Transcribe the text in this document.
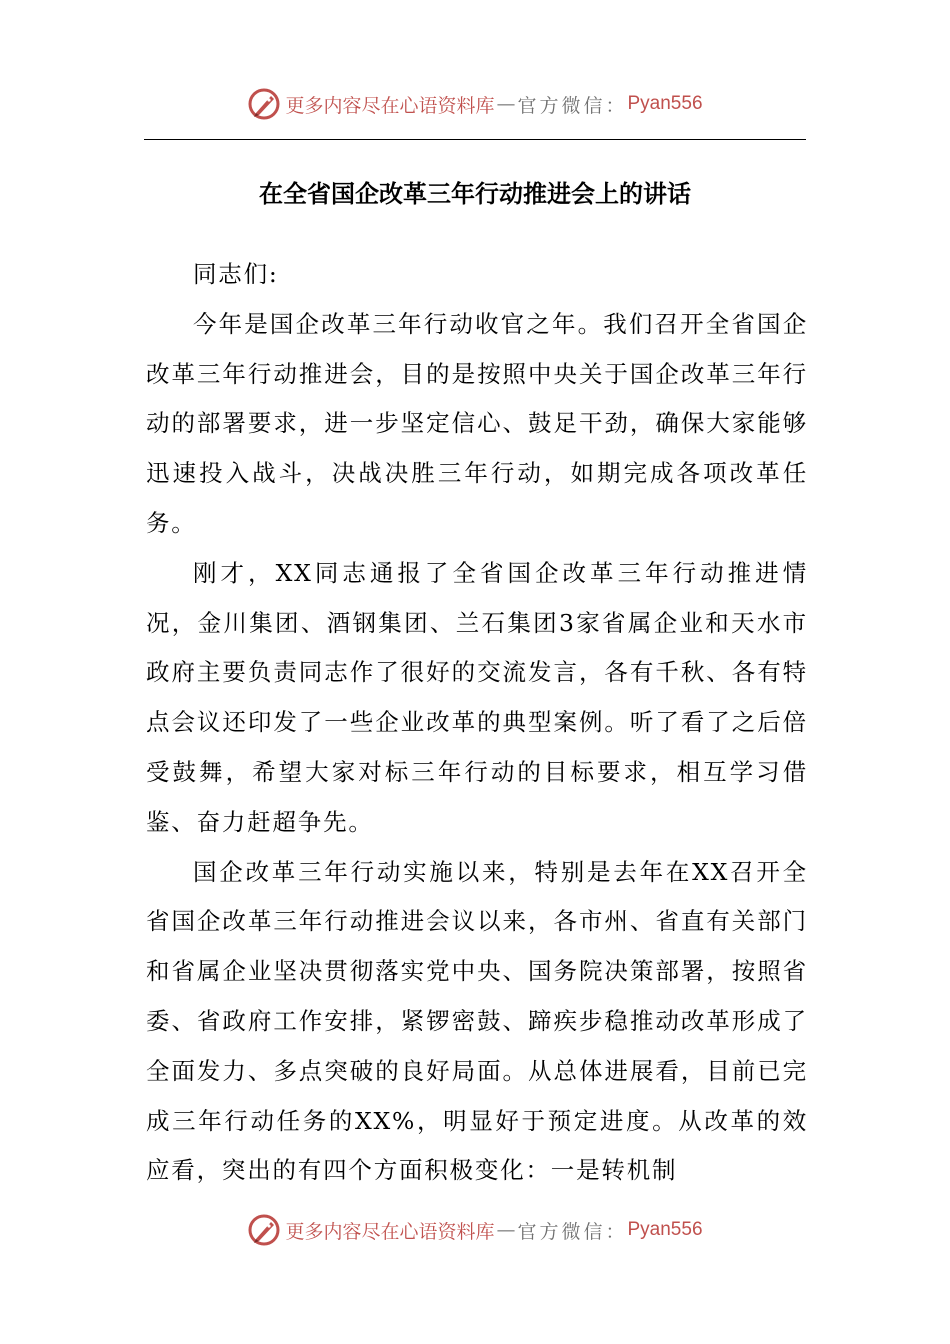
更多内容尽在心语资料库 — 官方微信： Pyan556
在全省国企改革三年行动推进会上的讲话

同志们:

今年是国企改革三年行动收官之年。我们召开全省国企改革三年行动推进会，目的是按照中央关于国企改革三年行动的部署要求，进一步坚定信心、鼓足干劲，确保大家能够迅速投入战斗，决战决胜三年行动，如期完成各项改革任务。

刚才，XX同志通报了全省国企改革三年行动推进情况，金川集团、酒钢集团、兰石集团3家省属企业和天水市政府主要负责同志作了很好的交流发言，各有千秋、各有特点会议还印发了一些企业改革的典型案例。听了看了之后倍受鼓舞，希望大家对标三年行动的目标要求，相互学习借鉴、奋力赶超争先。

国企改革三年行动实施以来，特别是去年在XX召开全省国企改革三年行动推进会议以来，各市州、省直有关部门和省属企业坚决贯彻落实党中央、国务院决策部署，按照省委、省政府工作安排，紧锣密鼓、蹄疾步稳推动改革形成了全面发力、多点突破的良好局面。从总体进展看，目前已完成三年行动任务的XX%，明显好于预定进度。从改革的效应看，突出的有四个方面积极变化：一是转机制

更多内容尽在心语资料库 — 官方微信： Pyan556
